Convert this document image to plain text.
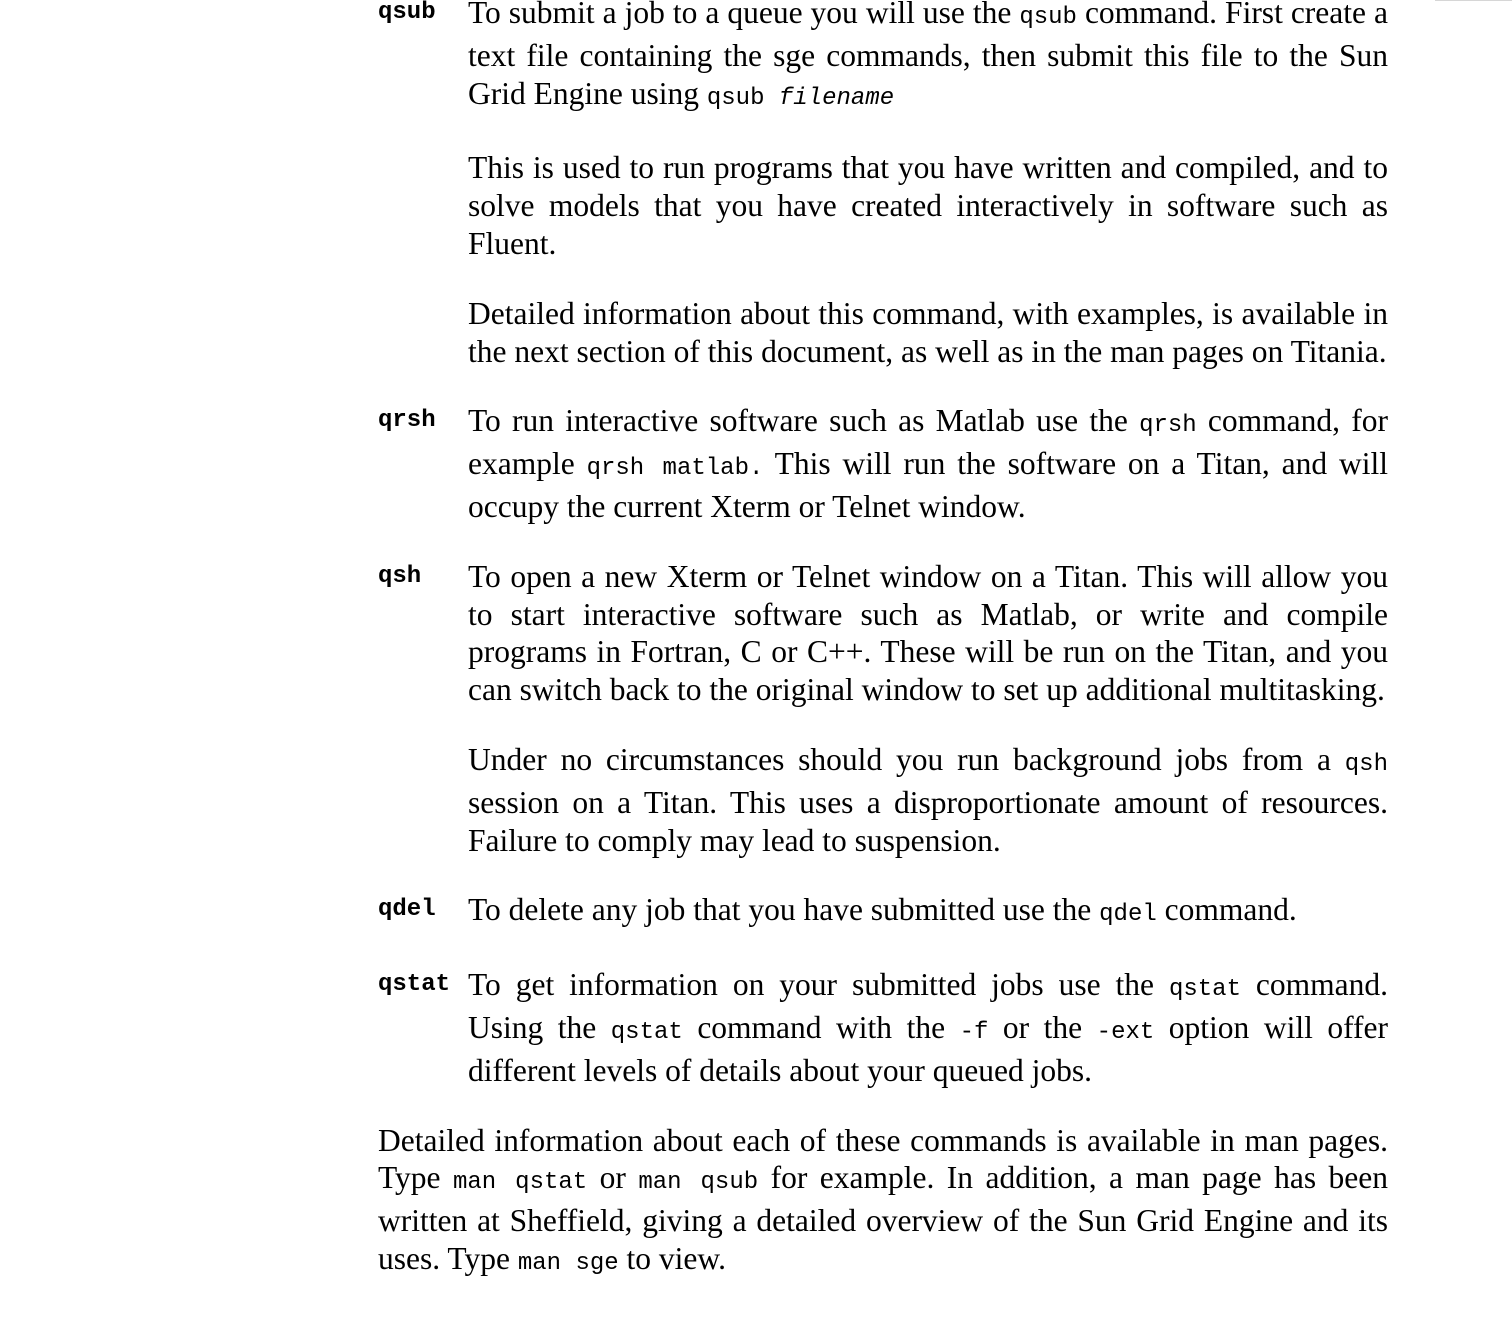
qsub	To submit a job to a queue you will use the qsub command. First create a text file containing the sge commands, then submit this file to the Sun Grid Engine using qsub filename

This is used to run programs that you have written and compiled, and to solve models that you have created interactively in software such as Fluent.

Detailed information about this command, with examples, is available in the next section of this document, as well as in the man pages on Titania.

qrsh	To run interactive software such as Matlab use the qrsh command, for example qrsh matlab. This will run the software on a Titan, and will occupy the current Xterm or Telnet window.

qsh	To open a new Xterm or Telnet window on a Titan. This will allow you to start interactive software such as Matlab, or write and compile programs in Fortran, C or C++. These will be run on the Titan, and you can switch back to the original window to set up additional multitasking.

Under no circumstances should you run background jobs from a qsh session on a Titan. This uses a disproportionate amount of resources. Failure to comply may lead to suspension.

qdel	To delete any job that you have submitted use the qdel command.

qstat To get information on your submitted jobs use the qstat command. Using the qstat command with the -f or the -ext option will offer different levels of details about your queued jobs.

Detailed information about each of these commands is available in man pages. Type man qstat or man qsub for example. In addition, a man page has been written at Sheffield, giving a detailed overview of the Sun Grid Engine and its uses. Type man sge to view.
